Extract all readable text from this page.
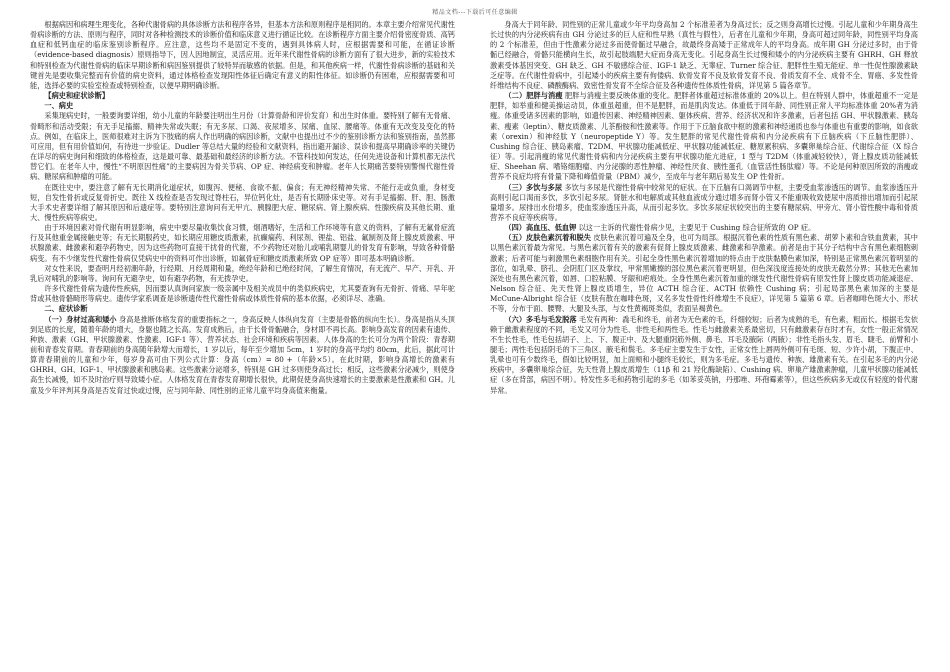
精品文档---下载后可任意编辑

根据病因和病理生理变化，各种代谢骨病的具体诊断方法和程序各异，但基本方法和原则程序是相同的。本章主要介绍常见代谢性骨病诊断的方法、原则与程序，同时对各种检测技术的诊断价值和临床意义进行循证比较。在诊断程序方面主要介绍骨密度骨质、高钙血症和低钙血症的临床鉴别诊断程序。应注意，这些均不是固定不变的，遇到具体病人时，应根据需要和可能，在循证诊断（evidence-based diagnosis）原则指导下，因人因地制宜，灵活应用。近年来代谢性骨病的诊断方面有了很大进步，新的实验技术和特别检查为代谢性骨病的临床早期诊断和病因鉴别提供了较特异而敏感的依据。但是，和其他疾病一样，代谢性骨病诊断的基础和关键首先是要收集完整而有价值的病史资料，通过体格检查发现阳性体征后确定有意义的阳性体征。如诊断仍有困难，应根据需要和可能，选择必要的实验室检查或特别检查，以便早期明确诊断。

【病史和症状诊断】
一、病史

采集现病史时，一般要询要详细，幼小儿童的年龄要注明出生月份（计算骨龄和评价发育）和出生时体重。要特别了解有无骨痛、骨畸形和活动受限；有无手足搐搦、精神失常或失眠；有无多尿、口渴、夜尿增多、尿痛、血尿、腰痛等。体重有无改变及变化的特点。例如，在临床上，医师很难对主诉为下肢痛的病人作出明确的病因诊断，文献中也提出过不少的鉴别诊断方法和鉴别指南，虽然都可应用，但有用价值如何，有待进一步验证。Dudler 等总结大量的经验和文献资料，指出避开漏诊、误诊和提高早期确诊率的关键仍在详尽的病史询问和细致的体格检查，这是最可靠、最基础和最经济的诊断方法。不管科技如何发达，任何先进设备和计算机都无法代替它们。在老年人中，慢性“不明原因性痛”的主要病因为骨关节病、OP 症、神经病变和肿瘤。老年人长期痛苦要特别警惕代谢性骨病、糖尿病和肿瘤的可能。

在既往史中，要注意了解有无长期消化道症状，如腹泻、便秘、食欲不振、偏食；有无神经精神失常、不能行走或负重，身材变短，自发性骨折或反复骨折史。既往 X 线检查是否发现过脊柱石，异位钙化灶，是否有长期卧床史等。对有手足搐搦、肝、胆、肠激大手术史者要详细了解其原因和后遗症等。要特别注意询问有无甲亢、胰腺肥大症、糖尿病、肾上腺疾病、性腺疾病及其他长期、重大、慢性疾病等病史。

由于环境因素对骨代谢有明显影响，病史中要尽量收集饮食习惯，烟酒嗜好，生活和工作环境等有意义的资料，了解有无氟骨症流行及其他重金属接触史等；有无长期服药史，如长期应用糖皮质激素，抗癫痫药、利尿剂、锂盐、铝盐、氟制剂及肾上腺皮质激素、甲状腺激素、雌激素和避孕药物史，因为这些药物可直接干扰骨的代谢，不少药物还对胎儿或哺乳期婴儿的骨发育有影响，导致各种骨骼病变。有不少继发性代谢性骨病仅凭病史中的资料可作出诊断，如氟骨症和糖皮质激素所致 OP 症等）即可基本明确诊断。

对女性来说，要查明月经初潮年龄，行经期、月经周期和量，绝经年龄和已绝经时间，了解生育情况，有无流产、早产、开乳、开乳后对哺乳的影响等。询问有无避孕史，如有避孕药物，有无拨孕史。

许多代谢性骨病为遗传性疾病，因而要认真询问家族一级亲属中及相关成员中的类似疾病史，尤其要查询有无骨折、骨痛、早年驼背或其他骨骼畸形等病史。遗传学家系调查是诊断遗传性代谢性骨病或体质性骨病的基本依据，必须详尽、准确。

二、症状诊断

（一）身材过高和矮小 身高是推断体格发育的重要指标之一，身高反映人体纵向发育（主要是骨骼的纵向生长）。身高是指从头顶到足底的长度，随着年龄的增大，身躯也随之长高。发育成熟后，由于长骨骨骺融合，身材即不再长高。影响身高发育的因素有遗传、种族、激素（GH、甲状腺激素、性激素、IGF-1 等）、营养状态、社会环境和疾病等因素。人体身高的生长可分为两个阶段：青春期前和青春发育期。青春期前的身高随年龄增大而增长，1 岁以后，每年至少增加 5cm，1 岁时的身高平均约 80cm，此后，据此可计算青春期前的儿童和少年，每岁身高可由下列公式计算：身高（cm）= 80 +（年龄×5）。在此时期，影响身高增长的激素有 GHRH、GH、IGF-1、甲状腺激素和胰岛素。这些激素分泌增多，特别是 GH 过多则使身高过长；相反，这些激素分泌减少，则使身高生长减慢，如不及时治疗则导致矮小症。人体格发育在青春发育期增长很快，此期促使身高快速增长的主要激素是性激素和 GH。儿童及少年评判其身高是否发育过快或过慢，应与同年龄、同性别的正常儿童平均身高值来衡量。

身高大于同年龄、同性别的正常儿童或少年平均身高加 2 个标准差者为身高过长；反之则身高增长过慢。引起儿童和少年期身高生长过快的内分泌疾病有由 GH 分泌过多的巨人症和性早熟（真性与假性），后者在儿童和少年期，身高可超过同年龄，同性别平均身高的 2 个标准差，但由于性激素分泌过多而使骨骺过早融合，故最终身高矮于正常成年人的平均身高。成年期 GH 分泌过多时，由于骨骺已经融合，骨骼只能横向生长，故引起肢端肥大症而身高无变化。引起身高生长过慢和矮小的内分泌疾病主要有 GHRH、GH 释放激素受体基因突变、GH 缺乏、GH 不敏感综合征、IGF-1 缺乏、无睾症、Turner 综合征、肥胖性生殖无能症、单一性促性腺激素缺乏症等。在代谢性骨病中，引起矮小的疾病主要有佝偻病、软骨发育不良及软骨发育不良、骨质发育不全、成骨不全、胃癌、多发性骨纤维结构不良症、磷酸酶病、致密性骨发育不全综合征及各种遗传性体质性骨病，详见第 5 篇各章节。

（二）肥胖与消瘦 肥胖与消瘦主要反映体重的变化。肥胖者体重超过标准体重的 20%以上。但在特别人群中，体重超重不一定是肥胖，如举重和健美操运动员，体重虽超重，但不是肥胖，而是肌肉发达。体重低于同年龄、同性别正常人平均标准体重 20%者为消瘦。体重受诸多因素的影响，如遗传因素、神经精神因素、躯体疾病、营养、经济状况和许多激素，后者包括 GH、甲状腺激素、胰岛素、瘦素（leptin）、糖皮质激素、儿茶酚胺和性激素等。作用于下丘脑食欲中枢的激素和神经递质也参与体重也有重要的影响，如食欲素（orexin）和神经肽 Y（neuropeptide Y）等。发生肥胖的常见代谢性骨病和内分泌疾病有下丘脑疾病（下丘脑性肥胖）、Cushing 综合征、胰岛素瘤、T2DM、甲状腺功能减低症、甲状腺功能减低症、糖原累积病、多囊卵巢综合征、代谢综合征（X 综合征）等。引起消瘦的常见代谢性骨病和内分泌疾病主要有甲状腺功能亢进症，1 型与 T2DM（体重减轻较快），肾上腺皮质功能减低症、Sheehan 病、嗜铬细胞瘤、内分泌腺的恶性肿瘤、神经性厌食、胰性蛋孔（血管活性肠肽瘤）等。不论是何种原因所致的消瘦或营养不良症均将有骨量下降和峰值骨量（PBM）减少，至成年与老年期后易发生 OP 性骨折。

（三）多饮与多尿 多饮与多尿是代谢性骨病中较常见的症状。在下丘脑有口渴调节中枢，主要受血浆渗透压的调节。血浆渗透压升高则引起口渴而多饮，多饮引起多尿。肾脏水和电解质或其他血液成分通过增多而肾小管又不能重吸收致使尿中溶质排出增加而引起尿量增多。尿排出水份增多，使血浆渗透压升高，从而引起多饮。多饮多尿症状较突出的主要有糖尿病、甲旁亢、肾小管性酸中毒和骨质营养不良症等疾病等。

（四）高血压、低血钾 以这一主诉的代谢性骨病少见，主要见于 Cushing 综合征所致的 OP 症。

（五）皮肤色素沉着和脱失 皮肤色素沉着可遍及全身，也可为局部。根据沉着色素的性质有黑色素、胡萝卜素和含铁血黄素，其中以黑色素沉着最为常见。与黑色素沉着有关的激素有促肾上腺皮质激素、雌激素和孕激素。前者是由于其分子结构中含有黑色素细胞刺激素；后者可能与刺激黑色素细胞作用有关。引起全身性黑色素沉着增加的特点由于皮肤黏膜色素加深，特别是正常黑色素沉着明显的部位，如乳晕、脐孔、会阴肛门区及掌纹，甲常黑嫩擦的部位黑色素沉着更明显，但色深浅度连接处的皮肤无截然分界；其他无色素加深处也有黑色素沉着，如唇、口腔粘膜、牙龈和疤痕处。全身性黑色素沉着加重的继发性代谢性骨病有原发性肾上腺皮质功能减退症、Nelson 综合征、先天性肾上腺皮质增生，异位 ACTH 综合征、ACTH 依赖性 Cushing 病；引起局部黑色素加深的主要是 McCune-Albright 综合征（皮肤有散在咖啡色斑，又名多发性骨性纤维增生不良症），详见第 5 篇第 6 章。后者咖啡色斑大小、形状不等，分布于面、腰臀、大腿及头部，与女性黄褐斑类似，表面呈褐黄色。

（六）多毛与毛发脱落 毛发有两种：毳毛和终毛，前者为无色素的毛，纤细较短；后者为成熟的毛，有色素，粗而长。根据毛发依赖于雌激素程度的不同，毛发又可分为性毛、非性毛和两性毛。性毛与雌激素关系最密切，只有雌激素存在时才有，女性一般正常情况不生长性毛，性毛包括胡子、上、下、腹正中、及大腿重阴筋外侧、鼻毛、耳毛及腋际（两腋）；非性毛指头发、眉毛、睫毛、前臂和小腿毛；两性毛包括阴毛的下三角区、腋毛和鬓毛。多毛症主要发生于女性，正常女性上唇两外侧可有毛斑、短、少许小胡，下腹正中、乳晕也可有少数终毛，假如比较明显，加上面颊和小腿终毛较长，则为多毛症。多毛与遗传、种族、雄激素有关。在引起多毛的内分泌疾病中，多囊卵巢综合征，先天性肾上腺皮质增生（11β 和 21 羟化酶缺陷）、Cushing 病、卵巢产雄激素肿瘤，儿童甲状腺功能减低症（多在背部，病因不明）。特发性多毛和药物引起的多毛（如苯妥英钠，丹那唑、环孢霉素等），但这些疾病多无或仅有轻度的骨代谢异常。
